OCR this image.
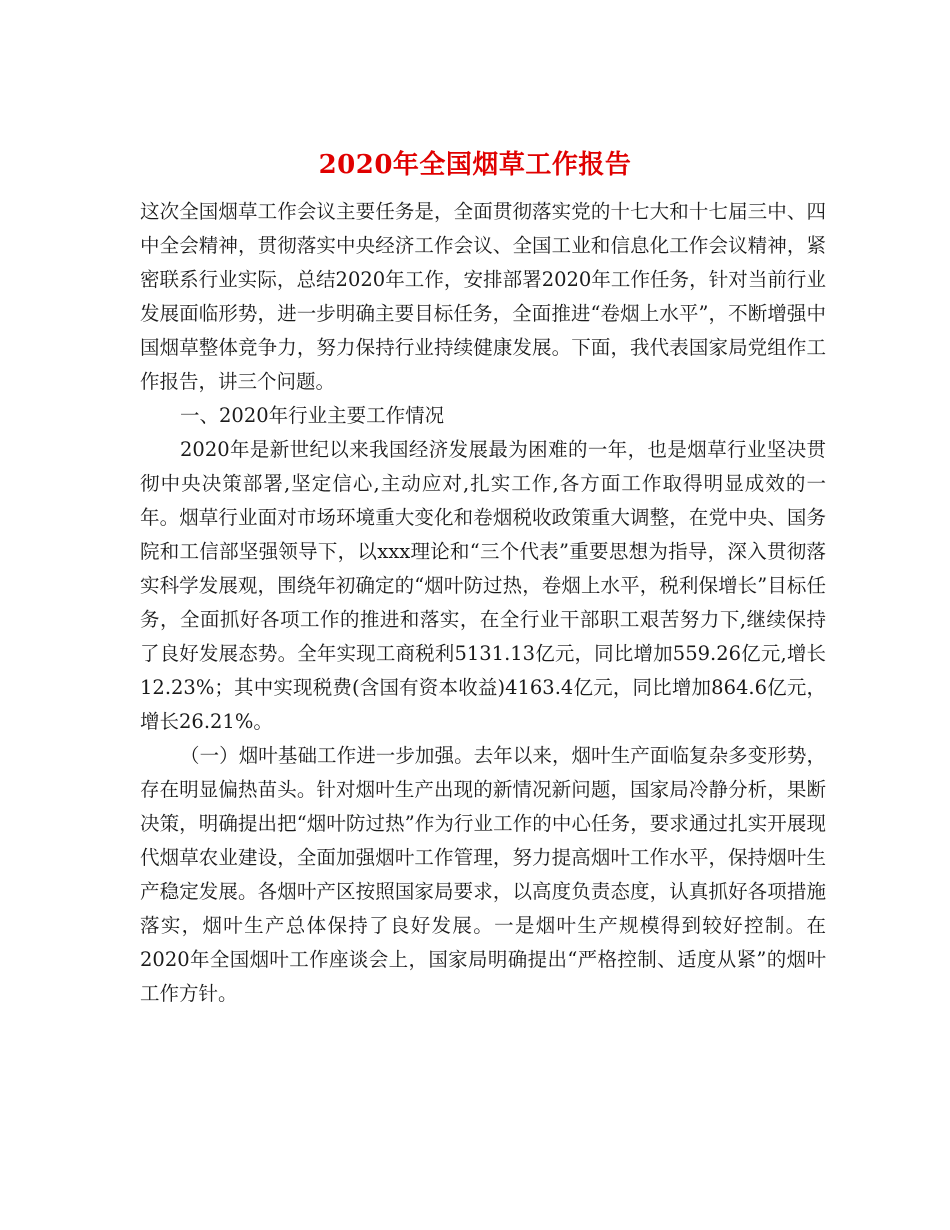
2020年全国烟草工作报告

这次全国烟草工作会议主要任务是，全面贯彻落实党的十七大和十七届三中、四中全会精神，贯彻落实中央经济工作会议、全国工业和信息化工作会议精神，紧密联系行业实际，总结2020年工作，安排部署2020年工作任务，针对当前行业发展面临形势，进一步明确主要目标任务，全面推进“卷烟上水平”，不断增强中国烟草整体竞争力，努力保持行业持续健康发展。下面，我代表国家局党组作工作报告，讲三个问题。

一、2020年行业主要工作情况

2020年是新世纪以来我国经济发展最为困难的一年，也是烟草行业坚决贯彻中央决策部署,坚定信心,主动应对,扎实工作,各方面工作取得明显成效的一年。烟草行业面对市场环境重大变化和卷烟税收政策重大调整，在党中央、国务院和工信部坚强领导下，以xxx理论和“三个代表”重要思想为指导，深入贯彻落实科学发展观，围绕年初确定的“烟叶防过热，卷烟上水平，税利保增长”目标任务，全面抓好各项工作的推进和落实，在全行业干部职工艰苦努力下,继续保持了良好发展态势。全年实现工商税利5131.13亿元，同比增加559.26亿元,增长12.23%；其中实现税费(含国有资本收益)4163.4亿元，同比增加864.6亿元，增长26.21%。

（一）烟叶基础工作进一步加强。去年以来，烟叶生产面临复杂多变形势，存在明显偏热苗头。针对烟叶生产出现的新情况新问题，国家局冷静分析，果断决策，明确提出把“烟叶防过热”作为行业工作的中心任务，要求通过扎实开展现代烟草农业建设，全面加强烟叶工作管理，努力提高烟叶工作水平，保持烟叶生产稳定发展。各烟叶产区按照国家局要求，以高度负责态度，认真抓好各项措施落实，烟叶生产总体保持了良好发展。一是烟叶生产规模得到较好控制。在2020年全国烟叶工作座谈会上，国家局明确提出“严格控制、适度从紧”的烟叶工作方针。
